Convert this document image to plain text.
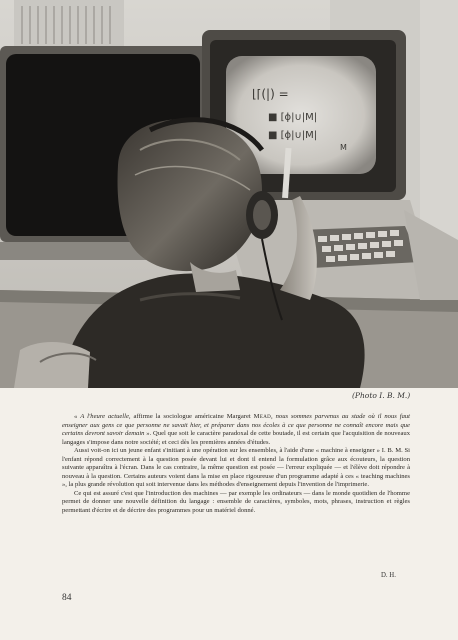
⌊⌈(|) =
■ [ϕ|∪|M|
■ [ϕ|∪|M|
M
(Photo I. B. M.)

« A l'heure actuelle, affirme la sociologue américaine Margaret Mead, nous sommes parvenus au stade où il nous faut enseigner aux gens ce que personne ne savait hier, et préparer dans nos écoles à ce que personne ne connaît encore mais que certains devront savoir demain ». Quel que soit le caractère paradoxal de cette boutade, il est certain que l'acquisition de nouveaux langages s'impose dans notre société; et ceci dès les premières années d'études.

Aussi voit-on ici un jeune enfant s'initiant à une opération sur les ensembles, à l'aide d'une « machine à enseigner » I. B. M. Si l'enfant répond correctement à la question posée devant lui et dont il entend la formulation grâce aux écouteurs, la question suivante apparaîtra à l'écran. Dans le cas contraire, la même question est posée — l'erreur expliquée — et l'élève doit répondre à nouveau à la question. Certains auteurs voient dans la mise en place rigoureuse d'un programme adapté à ces « teaching machines », la plus grande révolution qui soit intervenue dans les méthodes d'enseignement depuis l'invention de l'imprimerie.

Ce qui est assuré c'est que l'introduction des machines — par exemple les ordinateurs — dans le monde quotidien de l'homme permet de donner une nouvelle définition du langage : ensemble de caractères, symboles, mots, phrases, instruction et règles permettant d'écrire et de décrire des programmes pour un matériel donné.

D. H.
84
